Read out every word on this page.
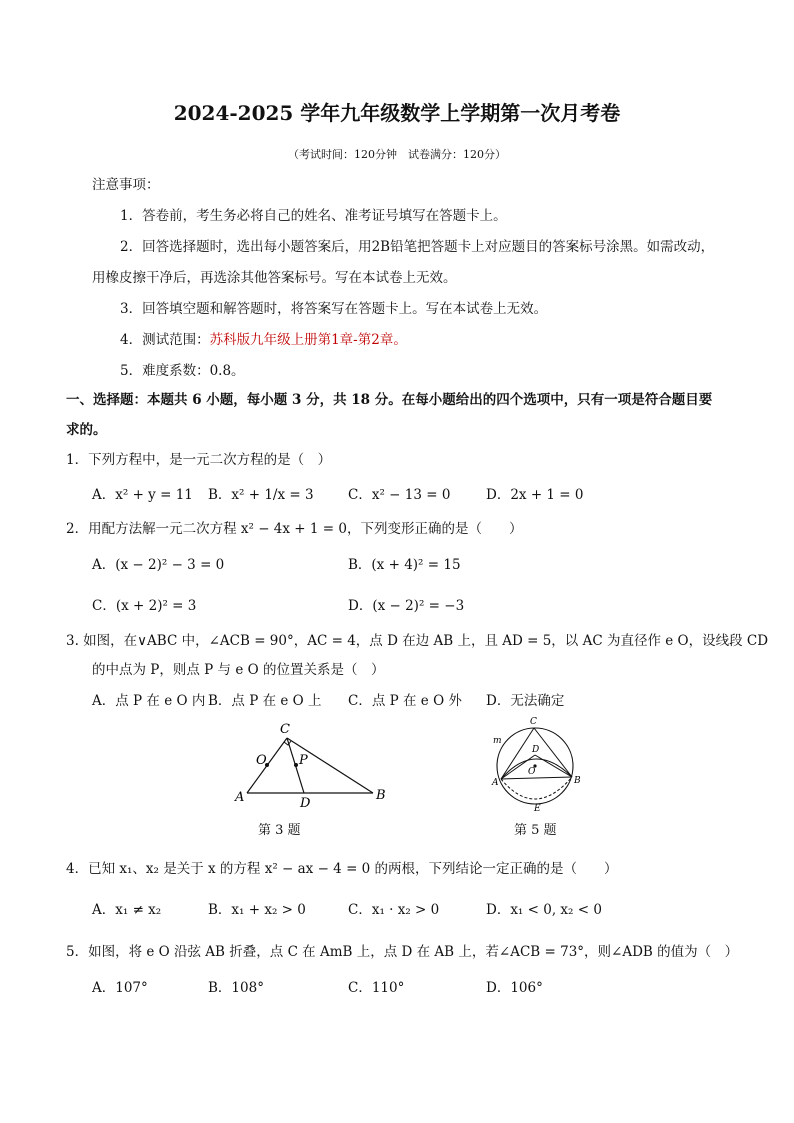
2024-2025 学年九年级数学上学期第一次月考卷
（考试时间：120分钟　试卷满分：120分）
注意事项：
1．答卷前，考生务必将自己的姓名、准考证号填写在答题卡上。
2．回答选择题时，选出每小题答案后，用2B铅笔把答题卡上对应题目的答案标号涂黑。如需改动，
用橡皮擦干净后，再选涂其他答案标号。写在本试卷上无效。
3．回答填空题和解答题时，将答案写在答题卡上。写在本试卷上无效。
4．测试范围：苏科版九年级上册第1章-第2章。
5．难度系数：0.8。
一、选择题：本题共 6 小题，每小题 3 分，共 18 分。在每小题给出的四个选项中，只有一项是符合题目要
求的。
1．下列方程中，是一元二次方程的是（　）
A．x² + y = 11 B．x² + 1/x = 3	C．x² − 13 = 0	D．2x + 1 = 0
2．用配方法解一元二次方程 x² − 4x + 1 = 0，下列变形正确的是（　　）
A．(x − 2)² − 3 = 0	B．(x + 4)² = 15
C．(x + 2)² = 3	D．(x − 2)² = −3
3. 如图，在∨ABC 中，∠ACB = 90°，AC = 4，点 D 在边 AB 上，且 AD = 5，以 AC 为直径作 e O，设线段 CD
的中点为 P，则点 P 与 e O 的位置关系是（　）
A．点 P 在 e O 内 B．点 P 在 e O 上 C．点 P 在 e O 外 D．无法确定
C
O P
A	D
B
第 3 题
C
m
D
O
A	B
E
第 5 题
4．已知 x₁、x₂ 是关于 x 的方程 x² − ax − 4 = 0 的两根，下列结论一定正确的是（　　）
A．x₁ ≠ x₂	B．x₁ + x₂ > 0	C．x₁ · x₂ > 0	D．x₁ < 0, x₂ < 0
5．如图，将 e O 沿弦 AB 折叠，点 C 在 AmB 上，点 D 在 AB 上，若∠ACB = 73°，则∠ADB 的值为（　）
A．107°	B．108°	C．110°	D．106°
